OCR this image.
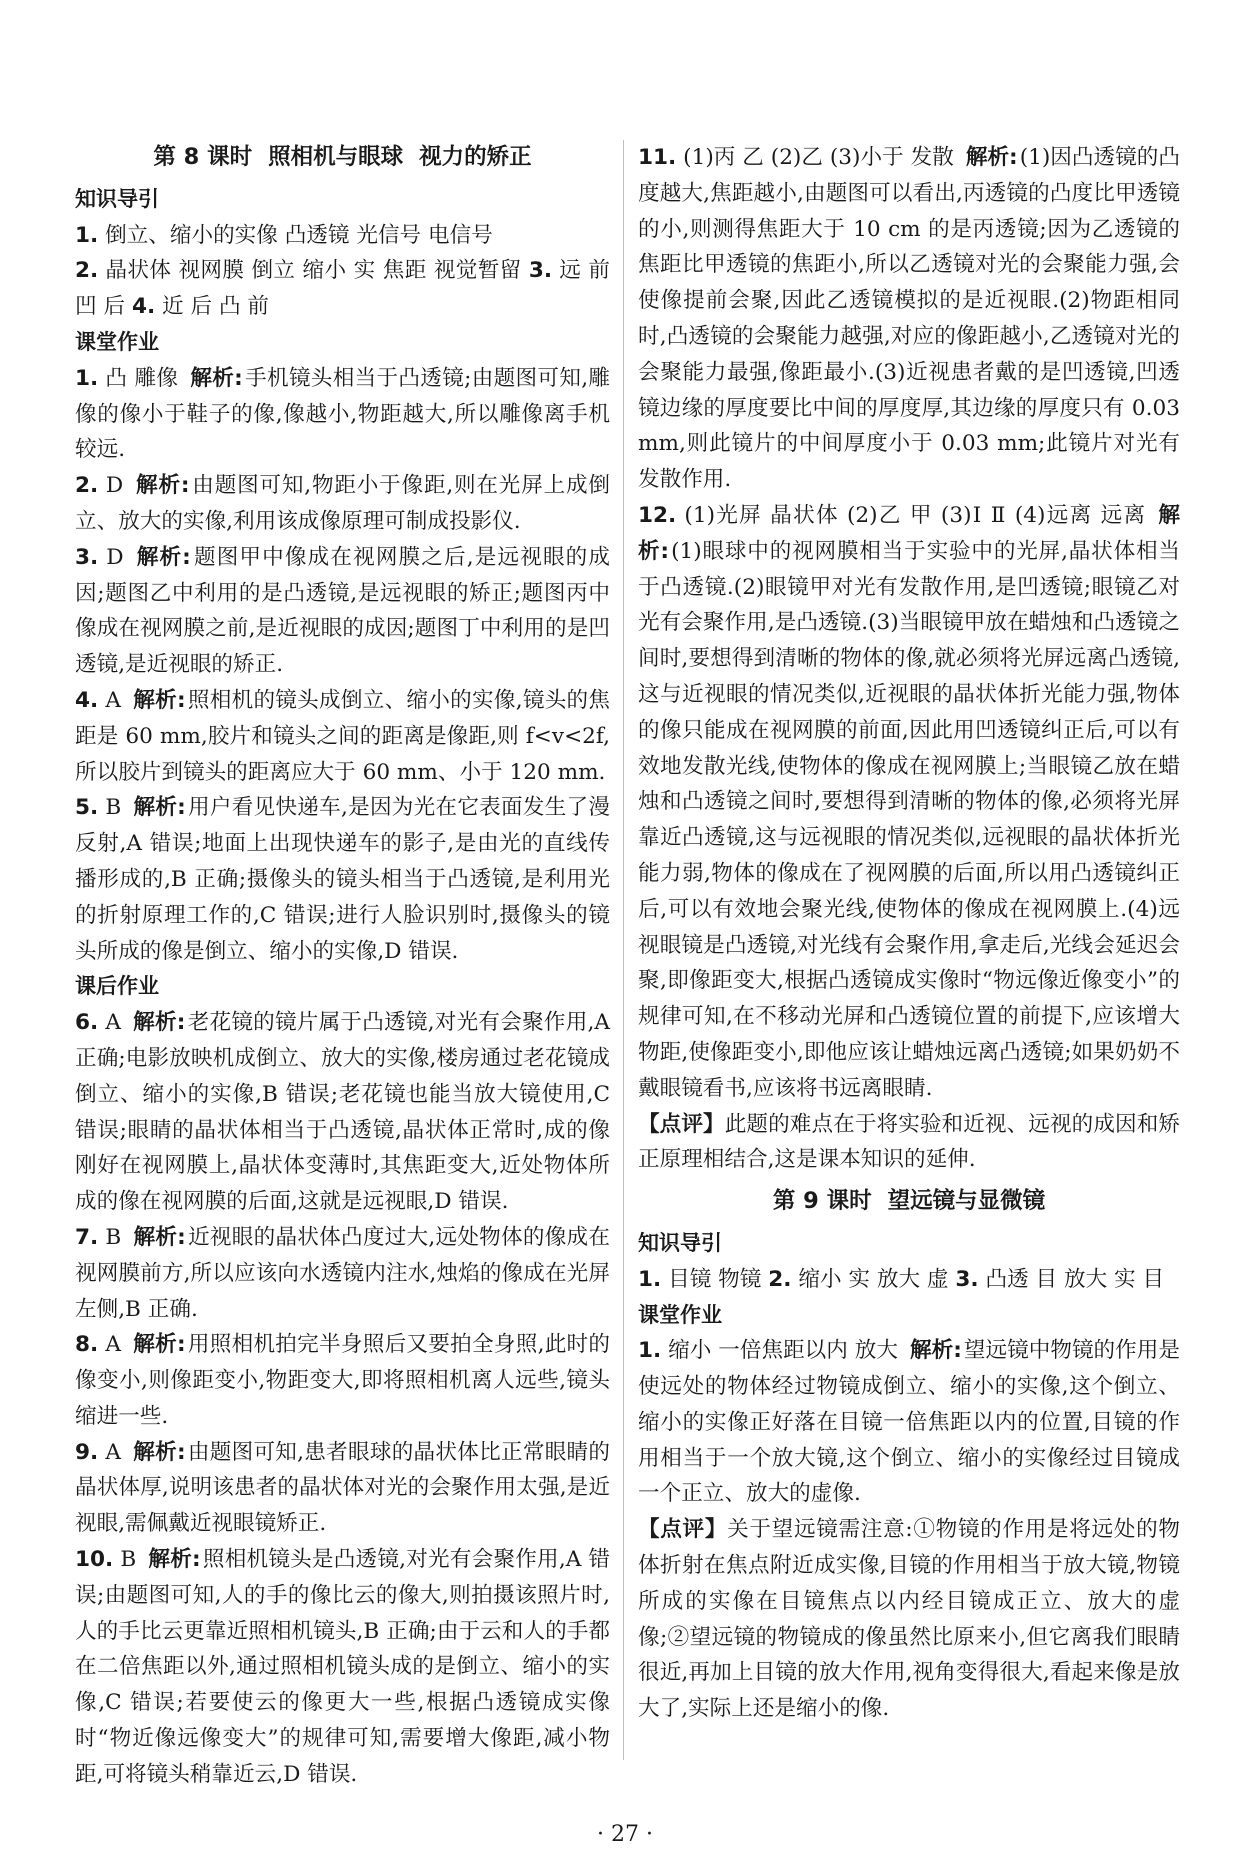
第 8 课时 照相机与眼球 视力的矫正
知识导引

1. 倒立、缩小的实像 凸透镜 光信号 电信号

2. 晶状体 视网膜 倒立 缩小 实 焦距 视觉暂留 3. 远 前 凹 后 4. 近 后 凸 前

课堂作业

1. 凸 雕像 解析:手机镜头相当于凸透镜;由题图可知,雕像的像小于鞋子的像,像越小,物距越大,所以雕像离手机较远.

2. D 解析:由题图可知,物距小于像距,则在光屏上成倒立、放大的实像,利用该成像原理可制成投影仪.

3. D 解析:题图甲中像成在视网膜之后,是远视眼的成因;题图乙中利用的是凸透镜,是远视眼的矫正;题图丙中像成在视网膜之前,是近视眼的成因;题图丁中利用的是凹透镜,是近视眼的矫正.

4. A 解析:照相机的镜头成倒立、缩小的实像,镜头的焦距是 60 mm,胶片和镜头之间的距离是像距,则 f<v<2f,所以胶片到镜头的距离应大于 60 mm、小于 120 mm.

5. B 解析:用户看见快递车,是因为光在它表面发生了漫反射,A 错误;地面上出现快递车的影子,是由光的直线传播形成的,B 正确;摄像头的镜头相当于凸透镜,是利用光的折射原理工作的,C 错误;进行人脸识别时,摄像头的镜头所成的像是倒立、缩小的实像,D 错误.

课后作业

6. A 解析:老花镜的镜片属于凸透镜,对光有会聚作用,A 正确;电影放映机成倒立、放大的实像,楼房通过老花镜成倒立、缩小的实像,B 错误;老花镜也能当放大镜使用,C 错误;眼睛的晶状体相当于凸透镜,晶状体正常时,成的像刚好在视网膜上,晶状体变薄时,其焦距变大,近处物体所成的像在视网膜的后面,这就是远视眼,D 错误.

7. B 解析:近视眼的晶状体凸度过大,远处物体的像成在视网膜前方,所以应该向水透镜内注水,烛焰的像成在光屏左侧,B 正确.

8. A 解析:用照相机拍完半身照后又要拍全身照,此时的像变小,则像距变小,物距变大,即将照相机离人远些,镜头缩进一些.

9. A 解析:由题图可知,患者眼球的晶状体比正常眼睛的晶状体厚,说明该患者的晶状体对光的会聚作用太强,是近视眼,需佩戴近视眼镜矫正.

10. B 解析:照相机镜头是凸透镜,对光有会聚作用,A 错误;由题图可知,人的手的像比云的像大,则拍摄该照片时,人的手比云更靠近照相机镜头,B 正确;由于云和人的手都在二倍焦距以外,通过照相机镜头成的是倒立、缩小的实像,C 错误;若要使云的像更大一些,根据凸透镜成实像时“物近像远像变大”的规律可知,需要增大像距,减小物距,可将镜头稍靠近云,D 错误.

11. (1)丙 乙 (2)乙 (3)小于 发散 解析:(1)因凸透镜的凸度越大,焦距越小,由题图可以看出,丙透镜的凸度比甲透镜的小,则测得焦距大于 10 cm 的是丙透镜;因为乙透镜的焦距比甲透镜的焦距小,所以乙透镜对光的会聚能力强,会使像提前会聚,因此乙透镜模拟的是近视眼.(2)物距相同时,凸透镜的会聚能力越强,对应的像距越小,乙透镜对光的会聚能力最强,像距最小.(3)近视患者戴的是凹透镜,凹透镜边缘的厚度要比中间的厚度厚,其边缘的厚度只有 0.03 mm,则此镜片的中间厚度小于 0.03 mm;此镜片对光有发散作用.

12. (1)光屏 晶状体 (2)乙 甲 (3)Ⅰ Ⅱ (4)远离 远离 解析:(1)眼球中的视网膜相当于实验中的光屏,晶状体相当于凸透镜.(2)眼镜甲对光有发散作用,是凹透镜;眼镜乙对光有会聚作用,是凸透镜.(3)当眼镜甲放在蜡烛和凸透镜之间时,要想得到清晰的物体的像,就必须将光屏远离凸透镜,这与近视眼的情况类似,近视眼的晶状体折光能力强,物体的像只能成在视网膜的前面,因此用凹透镜纠正后,可以有效地发散光线,使物体的像成在视网膜上;当眼镜乙放在蜡烛和凸透镜之间时,要想得到清晰的物体的像,必须将光屏靠近凸透镜,这与远视眼的情况类似,远视眼的晶状体折光能力弱,物体的像成在了视网膜的后面,所以用凸透镜纠正后,可以有效地会聚光线,使物体的像成在视网膜上.(4)远视眼镜是凸透镜,对光线有会聚作用,拿走后,光线会延迟会聚,即像距变大,根据凸透镜成实像时“物远像近像变小”的规律可知,在不移动光屏和凸透镜位置的前提下,应该增大物距,使像距变小,即他应该让蜡烛远离凸透镜;如果奶奶不戴眼镜看书,应该将书远离眼睛.

【点评】此题的难点在于将实验和近视、远视的成因和矫正原理相结合,这是课本知识的延伸.

第 9 课时 望远镜与显微镜
知识导引

1. 目镜 物镜 2. 缩小 实 放大 虚 3. 凸透 目 放大 实 目

课堂作业

1. 缩小 一倍焦距以内 放大 解析:望远镜中物镜的作用是使远处的物体经过物镜成倒立、缩小的实像,这个倒立、缩小的实像正好落在目镜一倍焦距以内的位置,目镜的作用相当于一个放大镜,这个倒立、缩小的实像经过目镜成一个正立、放大的虚像.

【点评】关于望远镜需注意:①物镜的作用是将远处的物体折射在焦点附近成实像,目镜的作用相当于放大镜,物镜所成的实像在目镜焦点以内经目镜成正立、放大的虚像;②望远镜的物镜成的像虽然比原来小,但它离我们眼睛很近,再加上目镜的放大作用,视角变得很大,看起来像是放大了,实际上还是缩小的像.

· 27 ·
